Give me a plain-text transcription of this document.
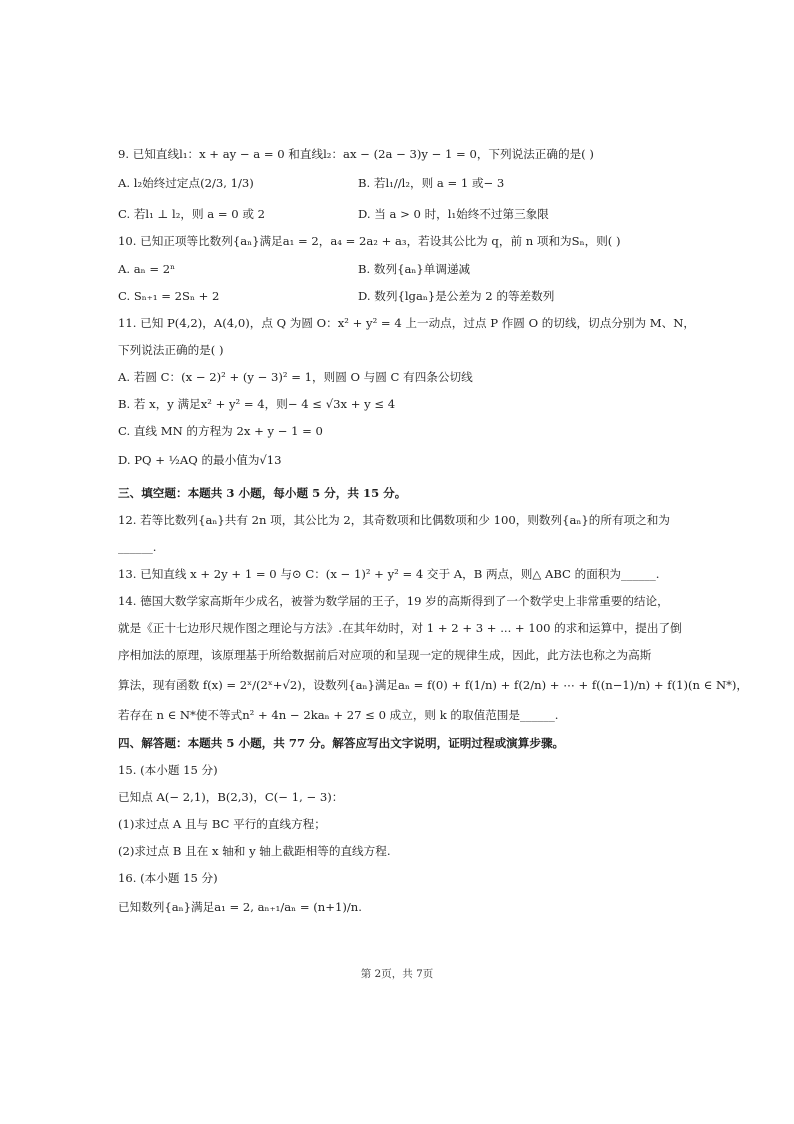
9. 已知直线l₁：x + ay − a = 0 和直线l₂：ax − (2a − 3)y − 1 = 0，下列说法正确的是( )
A. l₂始终过定点(2/3, 1/3)	B. 若l₁//l₂，则 a = 1 或− 3
C. 若l₁ ⊥ l₂，则 a = 0 或 2	D. 当 a > 0 时，l₁始终不过第三象限
10. 已知正项等比数列{aₙ}满足a₁ = 2，a₄ = 2a₂ + a₃，若设其公比为 q，前 n 项和为Sₙ，则( )
A. aₙ = 2ⁿ	B. 数列{aₙ}单调递减
C. Sₙ₊₁ = 2Sₙ + 2	D. 数列{lgaₙ}是公差为 2 的等差数列
11. 已知 P(4,2)，A(4,0)，点 Q 为圆 O：x² + y² = 4 上一动点，过点 P 作圆 O 的切线，切点分别为 M、N，
下列说法正确的是( )
A. 若圆 C：(x − 2)² + (y − 3)² = 1，则圆 O 与圆 C 有四条公切线
B. 若 x，y 满足x² + y² = 4，则− 4 ≤ √3x + y ≤ 4
C. 直线 MN 的方程为 2x + y − 1 = 0
D. PQ + ½AQ 的最小值为√13
三、填空题：本题共 3 小题，每小题 5 分，共 15 分。
12. 若等比数列{aₙ}共有 2n 项，其公比为 2，其奇数项和比偶数项和少 100，则数列{aₙ}的所有项之和为
______.
13. 已知直线 x + 2y + 1 = 0 与⊙ C：(x − 1)² + y² = 4 交于 A，B 两点，则△ ABC 的面积为______.
14. 德国大数学家高斯年少成名，被誉为数学届的王子，19 岁的高斯得到了一个数学史上非常重要的结论，
就是《正十七边形尺规作图之理论与方法》.在其年幼时，对 1 + 2 + 3 + ... + 100 的求和运算中，提出了倒
序相加法的原理，该原理基于所给数据前后对应项的和呈现一定的规律生成，因此，此方法也称之为高斯
算法，现有函数 f(x) = 2ˣ/(2ˣ+√2)，设数列{aₙ}满足aₙ = f(0) + f(1/n) + f(2/n) + ⋯ + f((n−1)/n) + f(1)(n ∈ N*)，
若存在 n ∈ N*使不等式n² + 4n − 2kaₙ + 27 ≤ 0 成立，则 k 的取值范围是______.
四、解答题：本题共 5 小题，共 77 分。解答应写出文字说明，证明过程或演算步骤。
15. (本小题 15 分)
已知点 A(− 2,1)，B(2,3)，C(− 1, − 3)：
(1)求过点 A 且与 BC 平行的直线方程；
(2)求过点 B 且在 x 轴和 y 轴上截距相等的直线方程.
16. (本小题 15 分)
已知数列{aₙ}满足a₁ = 2, aₙ₊₁/aₙ = (n+1)/n.
第 2页，共 7页
